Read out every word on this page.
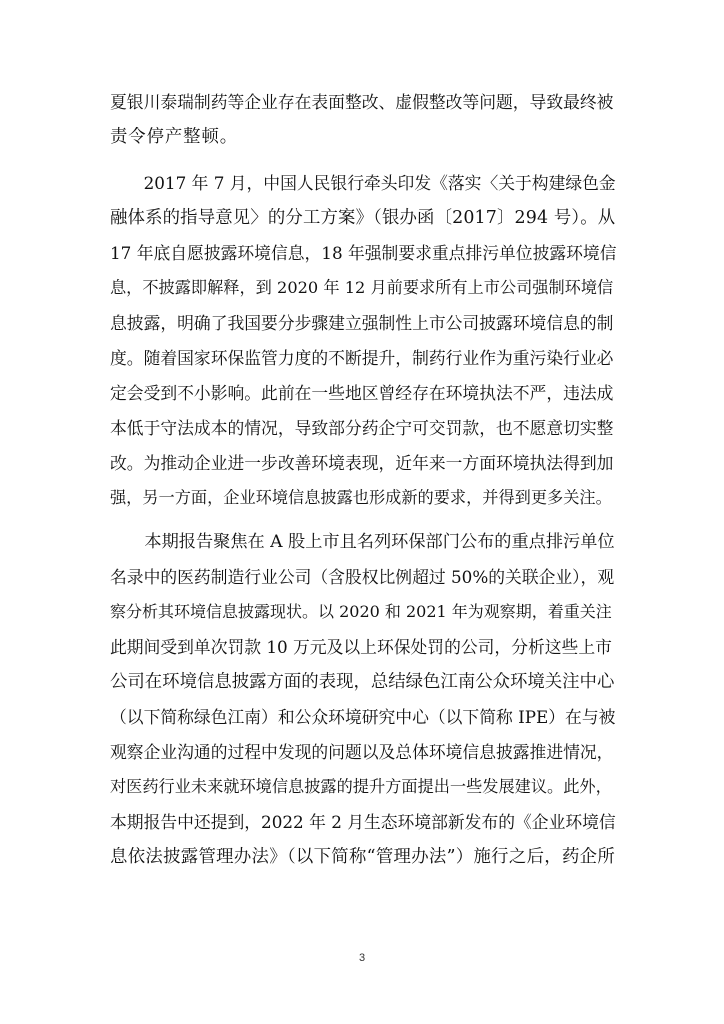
夏银川泰瑞制药等企业存在表面整改、虚假整改等问题，导致最终被
责令停产整顿。
　　2017 年 7 月，中国人民银行牵头印发《落实〈关于构建绿色金
融体系的指导意见〉的分工方案》（银办函〔2017〕294 号）。从
17 年底自愿披露环境信息，18 年强制要求重点排污单位披露环境信
息，不披露即解释，到 2020 年 12 月前要求所有上市公司强制环境信
息披露，明确了我国要分步骤建立强制性上市公司披露环境信息的制
度。随着国家环保监管力度的不断提升，制药行业作为重污染行业必
定会受到不小影响。此前在一些地区曾经存在环境执法不严，违法成
本低于守法成本的情况，导致部分药企宁可交罚款，也不愿意切实整
改。为推动企业进一步改善环境表现，近年来一方面环境执法得到加
强，另一方面，企业环境信息披露也形成新的要求，并得到更多关注。
　　本期报告聚焦在 A 股上市且名列环保部门公布的重点排污单位
名录中的医药制造行业公司（含股权比例超过 50%的关联企业），观
察分析其环境信息披露现状。以 2020 和 2021 年为观察期，着重关注
此期间受到单次罚款 10 万元及以上环保处罚的公司，分析这些上市
公司在环境信息披露方面的表现，总结绿色江南公众环境关注中心
（以下简称绿色江南）和公众环境研究中心（以下简称 IPE）在与被
观察企业沟通的过程中发现的问题以及总体环境信息披露推进情况，
对医药行业未来就环境信息披露的提升方面提出一些发展建议。此外，
本期报告中还提到，2022 年 2 月生态环境部新发布的《企业环境信
息依法披露管理办法》（以下简称“管理办法”）施行之后，药企所
3
